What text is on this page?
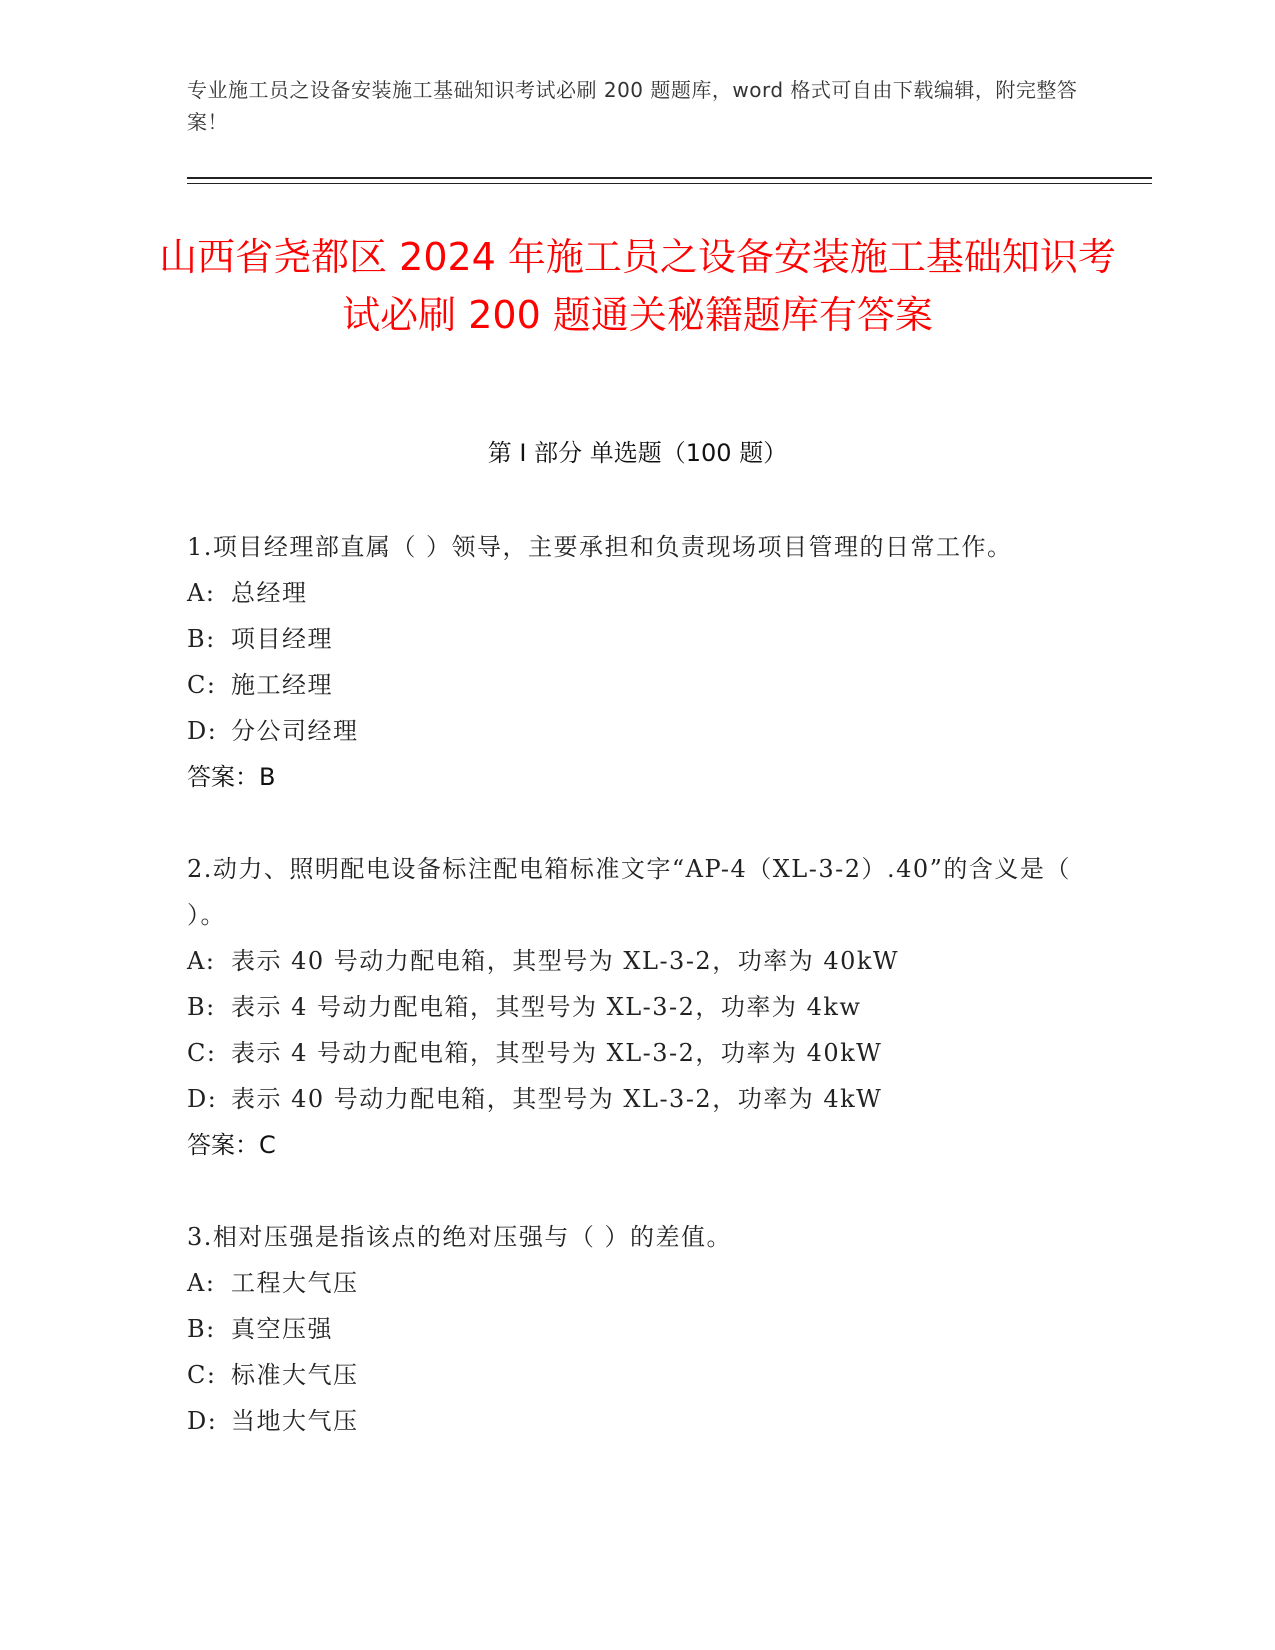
专业施工员之设备安装施工基础知识考试必刷 200 题题库，word 格式可自由下载编辑，附完整答案！
山西省尧都区 2024 年施工员之设备安装施工基础知识考试必刷 200 题通关秘籍题库有答案
第 I 部分 单选题（100 题）
1.项目经理部直属（ ）领导，主要承担和负责现场项目管理的日常工作。
A: 总经理
B: 项目经理
C: 施工经理
D: 分公司经理
答案：B
2.动力、照明配电设备标注配电箱标准文字“AP-4（XL-3-2）.40”的含义是（ ）。
A: 表示 40 号动力配电箱，其型号为 XL-3-2，功率为 40kW
B: 表示 4 号动力配电箱，其型号为 XL-3-2，功率为 4kw
C: 表示 4 号动力配电箱，其型号为 XL-3-2，功率为 40kW
D: 表示 40 号动力配电箱，其型号为 XL-3-2，功率为 4kW
答案：C
3.相对压强是指该点的绝对压强与（ ）的差值。
A: 工程大气压
B: 真空压强
C: 标准大气压
D: 当地大气压
